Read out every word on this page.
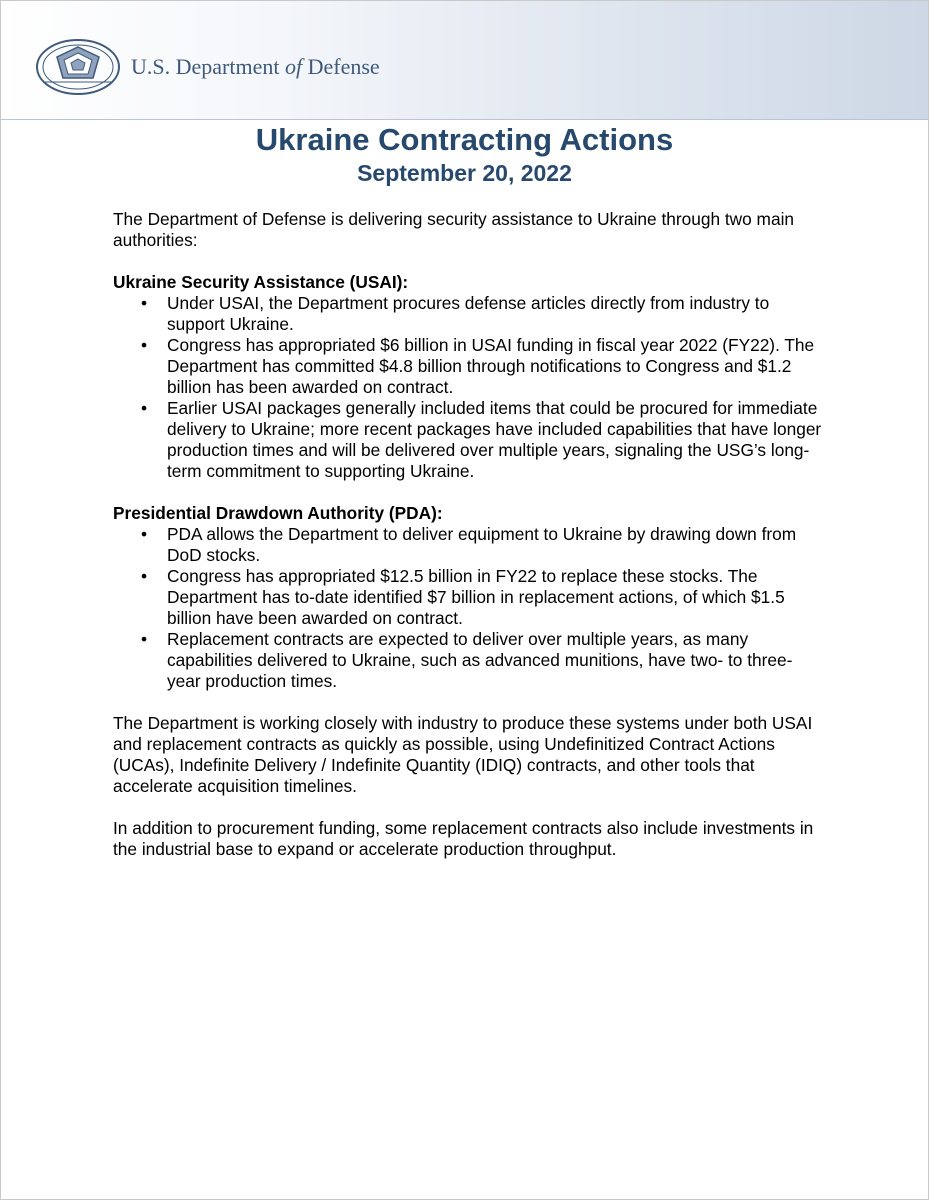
U.S. Department of Defense
Ukraine Contracting Actions
September 20, 2022

The Department of Defense is delivering security assistance to Ukraine through two main authorities:

Ukraine Security Assistance (USAI):

• Under USAI, the Department procures defense articles directly from industry to support Ukraine.
• Congress has appropriated $6 billion in USAI funding in fiscal year 2022 (FY22). The Department has committed $4.8 billion through notifications to Congress and $1.2 billion has been awarded on contract.
• Earlier USAI packages generally included items that could be procured for immediate delivery to Ukraine; more recent packages have included capabilities that have longer production times and will be delivered over multiple years, signaling the USG’s long-term commitment to supporting Ukraine.

Presidential Drawdown Authority (PDA):

• PDA allows the Department to deliver equipment to Ukraine by drawing down from DoD stocks.
• Congress has appropriated $12.5 billion in FY22 to replace these stocks. The Department has to-date identified $7 billion in replacement actions, of which $1.5 billion have been awarded on contract.
• Replacement contracts are expected to deliver over multiple years, as many capabilities delivered to Ukraine, such as advanced munitions, have two- to three-year production times.

The Department is working closely with industry to produce these systems under both USAI and replacement contracts as quickly as possible, using Undefinitized Contract Actions (UCAs), Indefinite Delivery / Indefinite Quantity (IDIQ) contracts, and other tools that accelerate acquisition timelines.

In addition to procurement funding, some replacement contracts also include investments in the industrial base to expand or accelerate production throughput.
